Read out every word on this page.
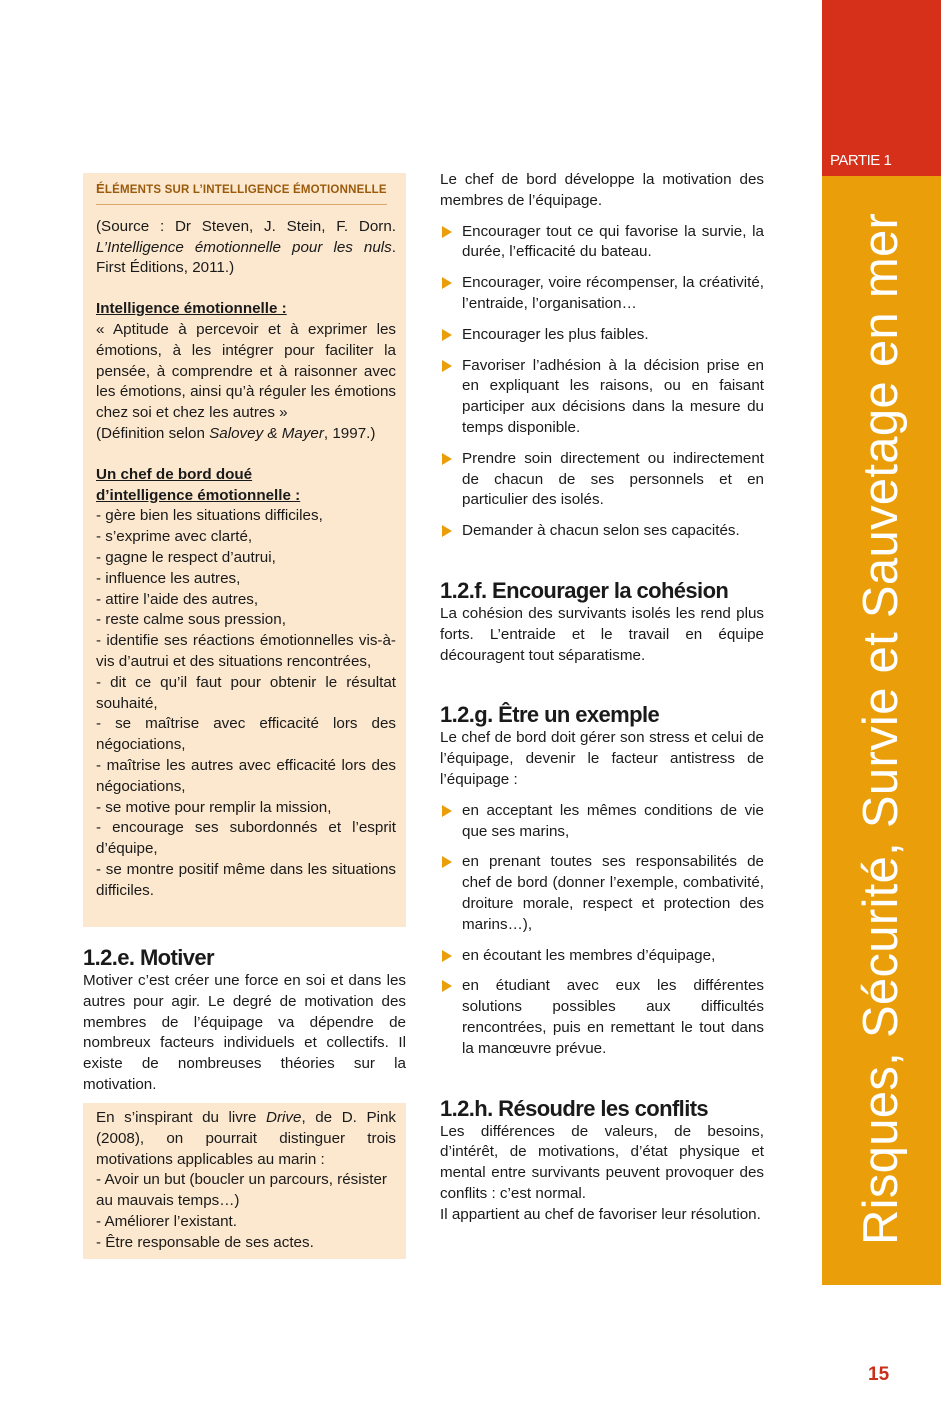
PARTIE 1
Risques, Sécurité, Survie et Sauvetage en mer

ÉLÉMENTS SUR L’INTELLIGENCE ÉMOTIONNELLE

(Source : Dr Steven, J. Stein, F. Dorn. L’Intelligence émotionnelle pour les nuls. First Éditions, 2011.)

Intelligence émotionnelle :

« Aptitude à percevoir et à exprimer les émotions, à les intégrer pour faciliter la pensée, à comprendre et à raisonner avec les émotions, ainsi qu’à réguler les émotions chez soi et chez les autres »

(Définition selon Salovey & Mayer, 1997.)

Un chef de bord doué

d’intelligence émotionnelle :

- gère bien les situations difficiles,

- s’exprime avec clarté,

- gagne le respect d’autrui,

- influence les autres,

- attire l’aide des autres,

- reste calme sous pression,

- identifie ses réactions émotionnelles vis-à-vis d’autrui et des situations rencontrées,

- dit ce qu’il faut pour obtenir le résultat souhaité,

- se maîtrise avec efficacité lors des négociations,

- maîtrise les autres avec efficacité lors des négociations,

- se motive pour remplir la mission,

- encourage ses subordonnés et l’esprit d’équipe,

- se montre positif même dans les situations difficiles.

1.2.e. Motiver

Motiver c’est créer une force en soi et dans les autres pour agir. Le degré de motivation des membres de l’équipage va dépendre de nombreux facteurs individuels et collectifs. Il existe de nombreuses théories sur la motivation.

En s’inspirant du livre Drive, de D. Pink (2008), on pourrait distinguer trois motivations applicables au marin :

- Avoir un but (boucler un parcours, résister au mauvais temps…)

- Améliorer l’existant.

- Être responsable de ses actes.

Le chef de bord développe la motivation des membres de l’équipage.

Encourager tout ce qui favorise la survie, la durée, l’efficacité du bateau.
Encourager, voire récompenser, la créativité, l’entraide, l’organisation…
Encourager les plus faibles.
Favoriser l’adhésion à la décision prise en en expliquant les raisons, ou en faisant participer aux décisions dans la mesure du temps disponible.
Prendre soin directement ou indirectement de chacun de ses personnels et en particulier des isolés.
Demander à chacun selon ses capacités.
1.2.f. Encourager la cohésion

La cohésion des survivants isolés les rend plus forts. L’entraide et le travail en équipe découragent tout séparatisme.

1.2.g. Être un exemple

Le chef de bord doit gérer son stress et celui de l’équipage, devenir le facteur antistress de l’équipage :

en acceptant les mêmes conditions de vie que ses marins,
en prenant toutes ses responsabilités de chef de bord (donner l’exemple, combativité, droiture morale, respect et protection des marins…),
en écoutant les membres d’équipage,
en étudiant avec eux les différentes solutions possibles aux difficultés rencontrées, puis en remettant le tout dans la manœuvre prévue.
1.2.h. Résoudre les conflits

Les différences de valeurs, de besoins, d’intérêt, de motivations, d’état physique et mental entre survivants peuvent provoquer des conflits : c’est normal.

Il appartient au chef de favoriser leur résolution.

15
